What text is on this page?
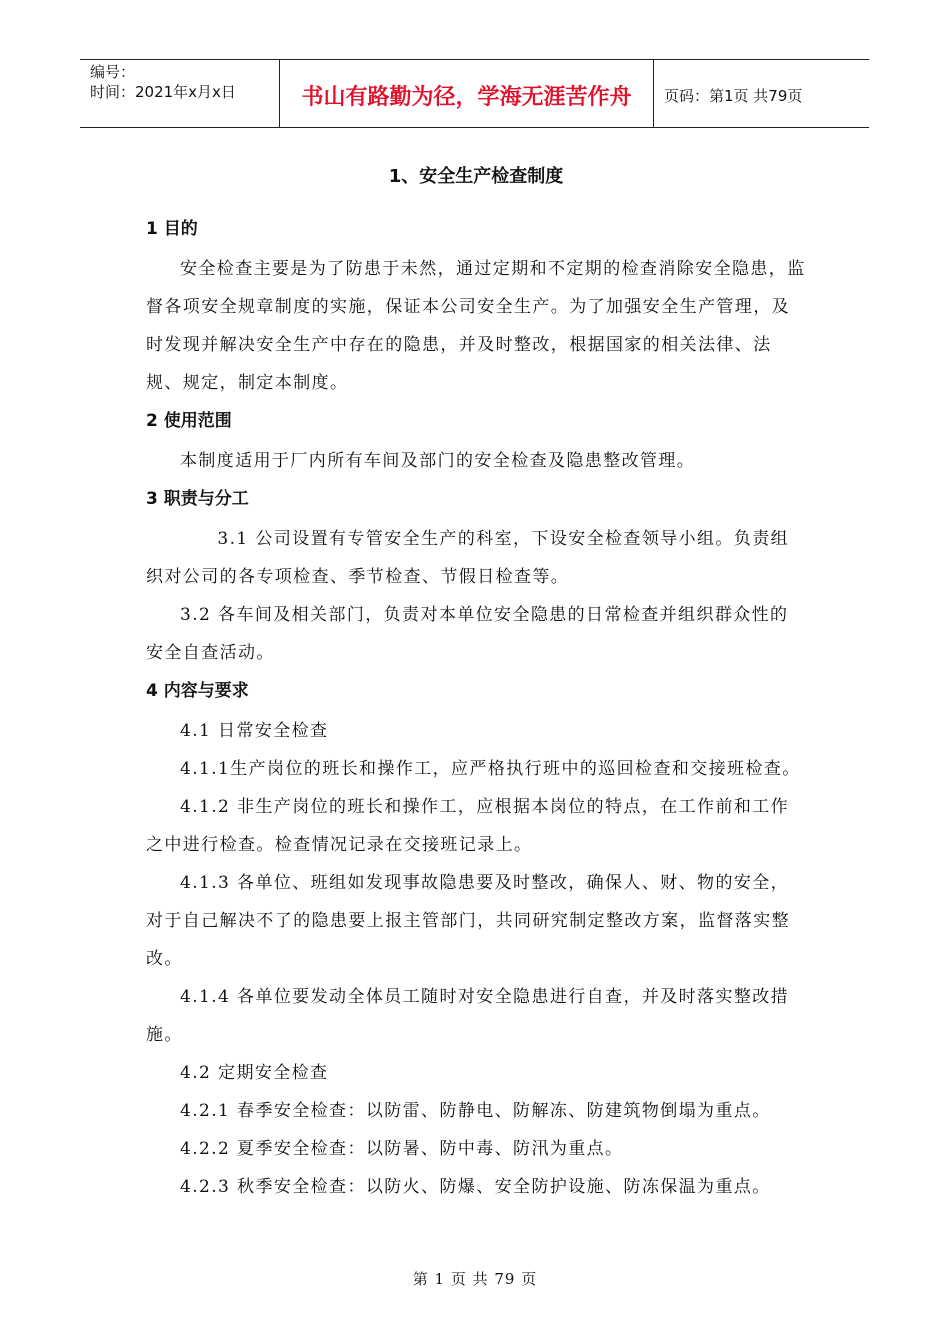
编号：
时间：2021年x月x日	书山有路勤为径，学海无涯苦作舟	页码：第1页 共79页
1、安全生产检查制度
1 目的

安全检查主要是为了防患于未然，通过定期和不定期的检查消除安全隐患，监督各项安全规章制度的实施，保证本公司安全生产。为了加强安全生产管理，及时发现并解决安全生产中存在的隐患，并及时整改，根据国家的相关法律、法规、规定，制定本制度。

2 使用范围

本制度适用于厂内所有车间及部门的安全检查及隐患整改管理。

3 职责与分工

3.1 公司设置有专管安全生产的科室，下设安全检查领导小组。负责组织对公司的各专项检查、季节检查、节假日检查等。

3.2 各车间及相关部门，负责对本单位安全隐患的日常检查并组织群众性的安全自查活动。

4 内容与要求

4.1 日常安全检查

4.1.1生产岗位的班长和操作工，应严格执行班中的巡回检查和交接班检查。

4.1.2 非生产岗位的班长和操作工，应根据本岗位的特点，在工作前和工作之中进行检查。检查情况记录在交接班记录上。

4.1.3 各单位、班组如发现事故隐患要及时整改，确保人、财、物的安全，对于自己解决不了的隐患要上报主管部门，共同研究制定整改方案，监督落实整改。

4.1.4 各单位要发动全体员工随时对安全隐患进行自查，并及时落实整改措施。

4.2 定期安全检查

4.2.1 春季安全检查：以防雷、防静电、防解冻、防建筑物倒塌为重点。

4.2.2 夏季安全检查：以防暑、防中毒、防汛为重点。

4.2.3 秋季安全检查：以防火、防爆、安全防护设施、防冻保温为重点。

第 1 页 共 79 页
